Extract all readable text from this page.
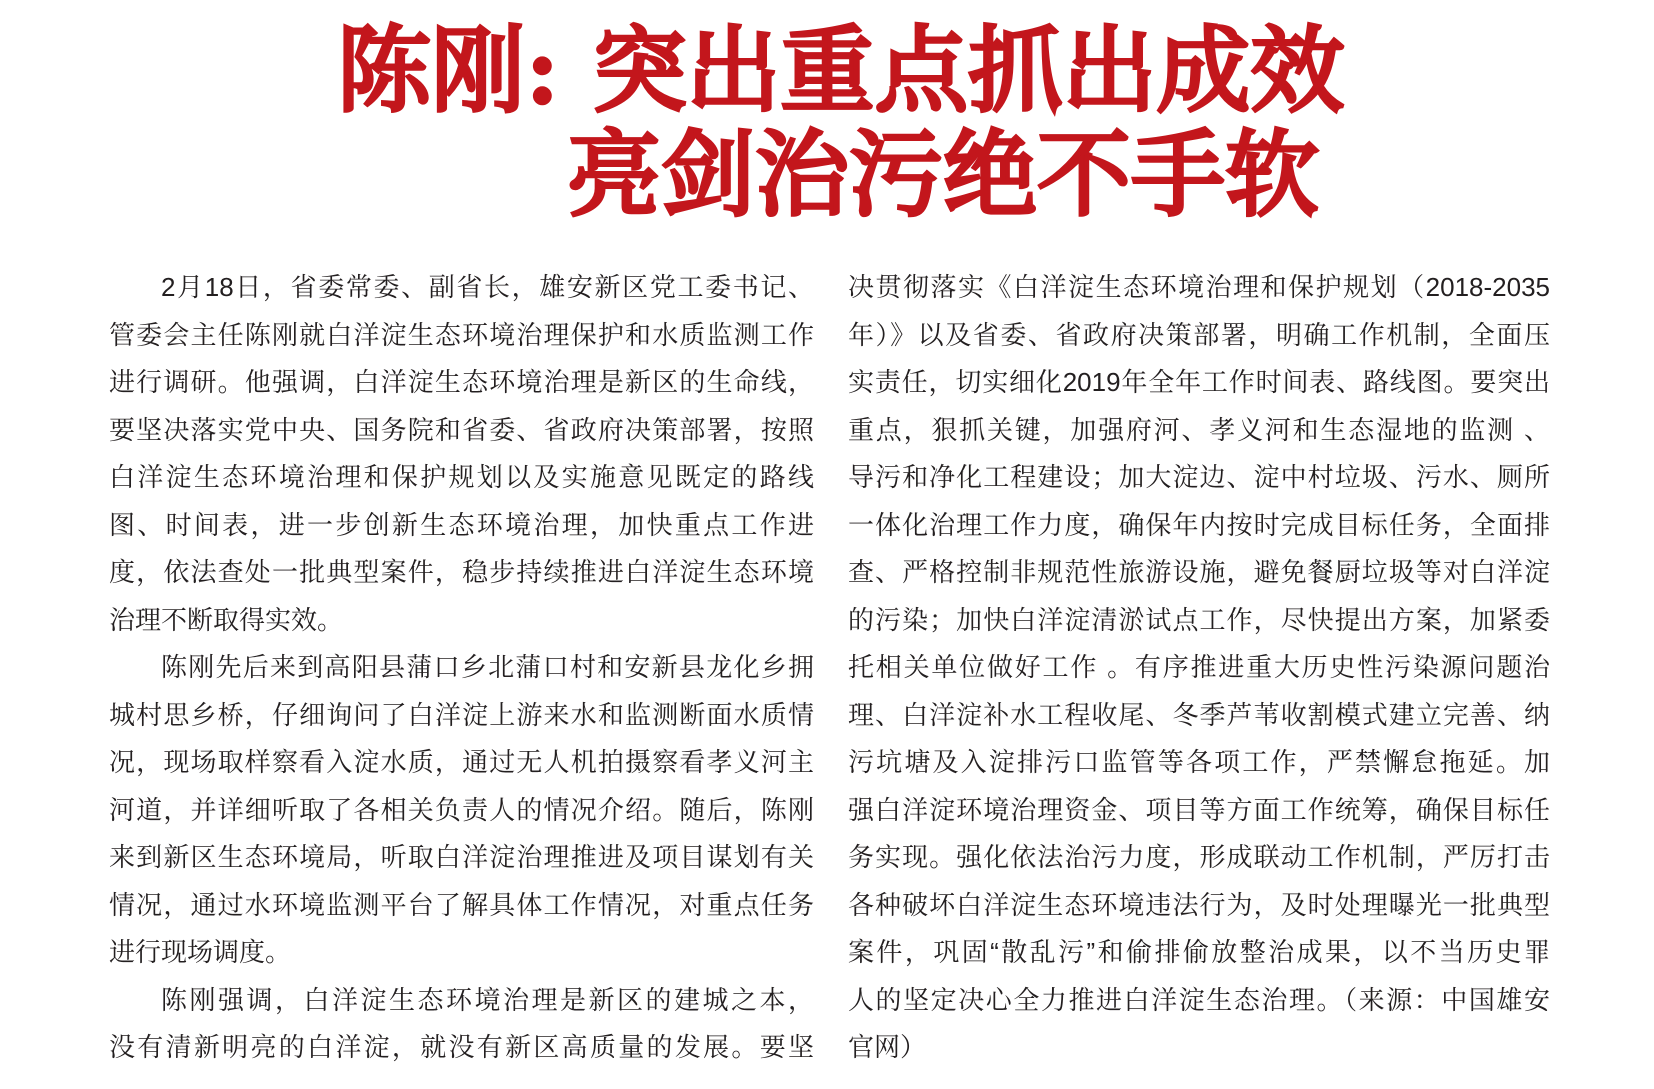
陈刚: 突出重点抓出成效
亮剑治污绝不手软
2月18日，省委常委、副省长，雄安新区党工委书记、
管委会主任陈刚就白洋淀生态环境治理保护和水质监测工作
进行调研。他强调，白洋淀生态环境治理是新区的生命线，
要坚决落实党中央、国务院和省委、省政府决策部署，按照
白洋淀生态环境治理和保护规划以及实施意见既定的路线
图、时间表，进一步创新生态环境治理，加快重点工作进
度，依法查处一批典型案件，稳步持续推进白洋淀生态环境
治理不断取得实效。
陈刚先后来到高阳县蒲口乡北蒲口村和安新县龙化乡拥
城村思乡桥，仔细询问了白洋淀上游来水和监测断面水质情
况，现场取样察看入淀水质，通过无人机拍摄察看孝义河主
河道，并详细听取了各相关负责人的情况介绍。随后，陈刚
来到新区生态环境局，听取白洋淀治理推进及项目谋划有关
情况，通过水环境监测平台了解具体工作情况，对重点任务
进行现场调度。
陈刚强调，白洋淀生态环境治理是新区的建城之本，
没有清新明亮的白洋淀，就没有新区高质量的发展。要坚
决贯彻落实《白洋淀生态环境治理和保护规划（2018-2035
年）》以及省委、省政府决策部署，明确工作机制，全面压
实责任，切实细化2019年全年工作时间表、路线图。要突出
重点，狠抓关键，加强府河、孝义河和生态湿地的监测 、
导污和净化工程建设；加大淀边、淀中村垃圾、污水、厕所
一体化治理工作力度，确保年内按时完成目标任务，全面排
查、严格控制非规范性旅游设施，避免餐厨垃圾等对白洋淀
的污染；加快白洋淀清淤试点工作，尽快提出方案，加紧委
托相关单位做好工作 。有序推进重大历史性污染源问题治
理、白洋淀补水工程收尾、冬季芦苇收割模式建立完善、纳
污坑塘及入淀排污口监管等各项工作，严禁懈怠拖延。加
强白洋淀环境治理资金、项目等方面工作统筹，确保目标任
务实现。强化依法治污力度，形成联动工作机制，严厉打击
各种破坏白洋淀生态环境违法行为，及时处理曝光一批典型
案件，巩固“散乱污”和偷排偷放整治成果，以不当历史罪
人的坚定决心全力推进白洋淀生态治理。（来源：中国雄安
官网）
